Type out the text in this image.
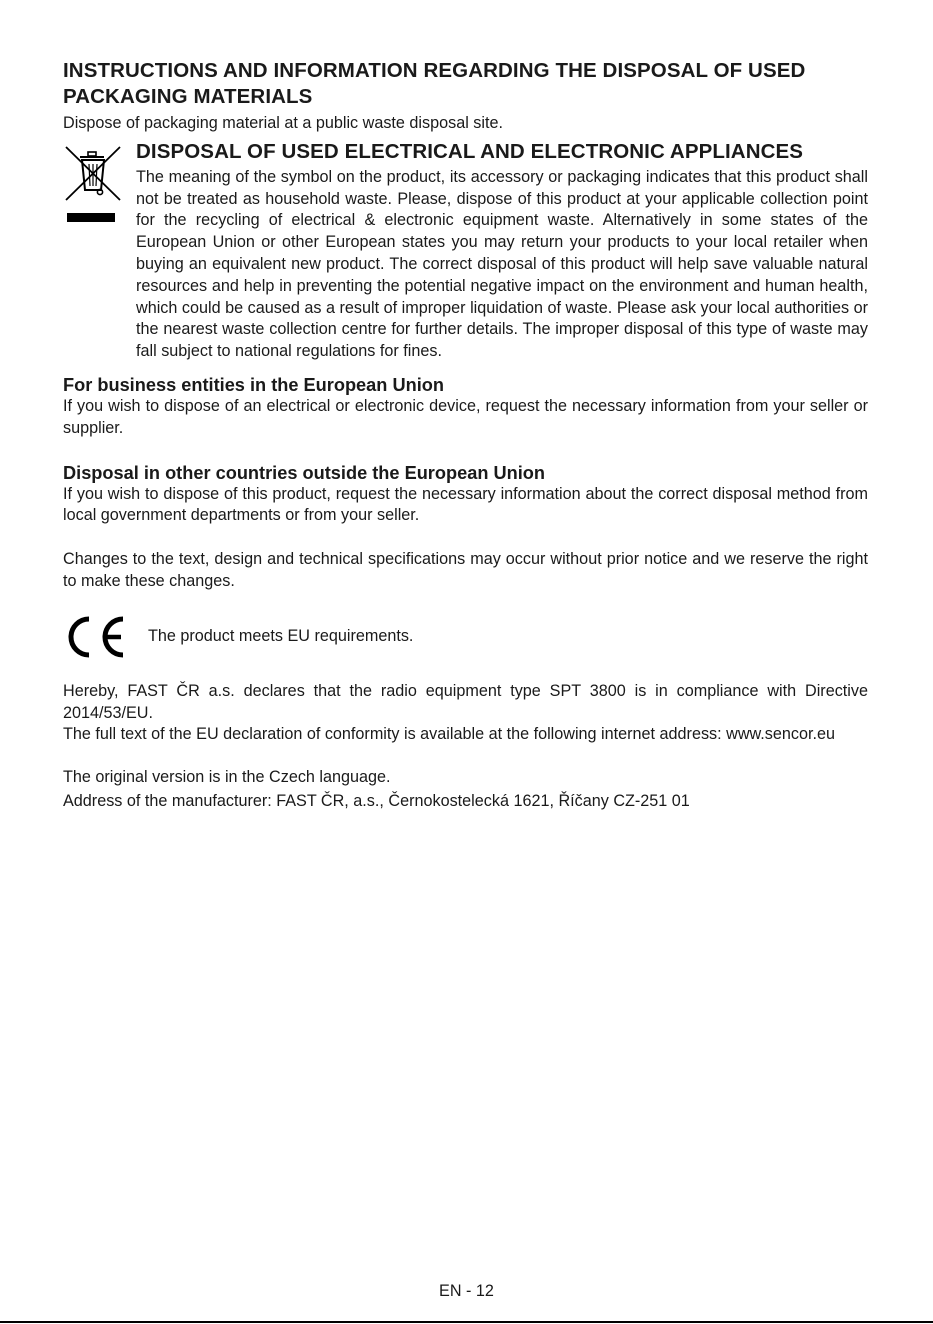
INSTRUCTIONS AND INFORMATION REGARDING THE DISPOSAL OF USED
PACKAGING MATERIALS

Dispose of packaging material at a public waste disposal site.

DISPOSAL OF USED ELECTRICAL AND ELECTRONIC APPLIANCES

The meaning of the symbol on the product, its accessory or packaging indicates that this product shall not be treated as household waste. Please, dispose of this product at your applicable collection point for the recycling of electrical & electronic equipment waste. Alternatively in some states of the European Union or other European states you may return your products to your local retailer when buying an equivalent new product. The correct disposal of this product will help save valuable natural resources and help in preventing the potential negative impact on the environment and human health, which could be caused as a result of improper liquidation of waste. Please ask your local authorities or the nearest waste collection centre for further details. The improper disposal of this type of waste may fall subject to national regulations for fines.

For business entities in the European Union

If you wish to dispose of an electrical or electronic device, request the necessary information from your seller or supplier.

Disposal in other countries outside the European Union

If you wish to dispose of this product, request the necessary information about the correct disposal method from local government departments or from your seller.

Changes to the text, design and technical specifications may occur without prior notice and we reserve the right to make these changes.

The product meets EU requirements.

Hereby, FAST ČR a.s. declares that the radio equipment type SPT 3800 is in compliance with Directive 2014/53/EU.

The full text of the EU declaration of conformity is available at the following internet address: www.sencor.eu

The original version is in the Czech language.

Address of the manufacturer: FAST ČR, a.s., Černokostelecká 1621, Říčany CZ-251 01

EN - 12
